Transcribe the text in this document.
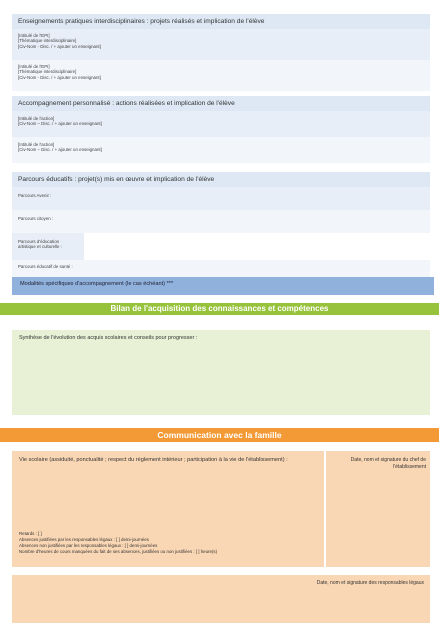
Enseignements pratiques interdisciplinaires : projets réalisés et implication de l'élève
[Intitulé de l'EPI]
[Thématique interdisciplinaire]
[Civ-Nom - Disc. / + ajouter un enseignant]
[Intitulé de l'EPI]
[Thématique interdisciplinaire]
[Civ-Nom - Disc. / + ajouter un enseignant]
Accompagnement personnalisé : actions réalisées et implication de l'élève
[Intitulé de l'action]
[Civ-Nom – Disc. / + ajouter un enseignant]
[Intitulé de l'action]
[Civ-Nom – Disc. / + ajouter un enseignant]
Parcours éducatifs : projet(s) mis en œuvre et implication de l'élève
Parcours Avenir :
Parcours citoyen :
Parcours d'éducation artistique et culturelle :
Parcours éducatif de santé :
Modalités spécifiques d'accompagnement (le cas échéant) ***
Bilan de l'acquisition des connaissances et compétences
Synthèse de l'évolution des acquis scolaires et conseils pour progresser :
Communication avec la famille
Vie scolaire (assiduité, ponctualité ; respect du règlement intérieur ; participation à la vie de l'établissement) :
Retards : [ ]
Absences justifiées par les responsables légaux : [ ] demi-journées
Absences non justifiées par les responsables légaux : [ ] demi-journées
Nombre d'heures de cours manquées du fait de ses absences, justifiées ou non justifiées : [ ] heure(s)
Date, nom et signature du chef de l'établissement
Date, nom et signature des responsables légaux
